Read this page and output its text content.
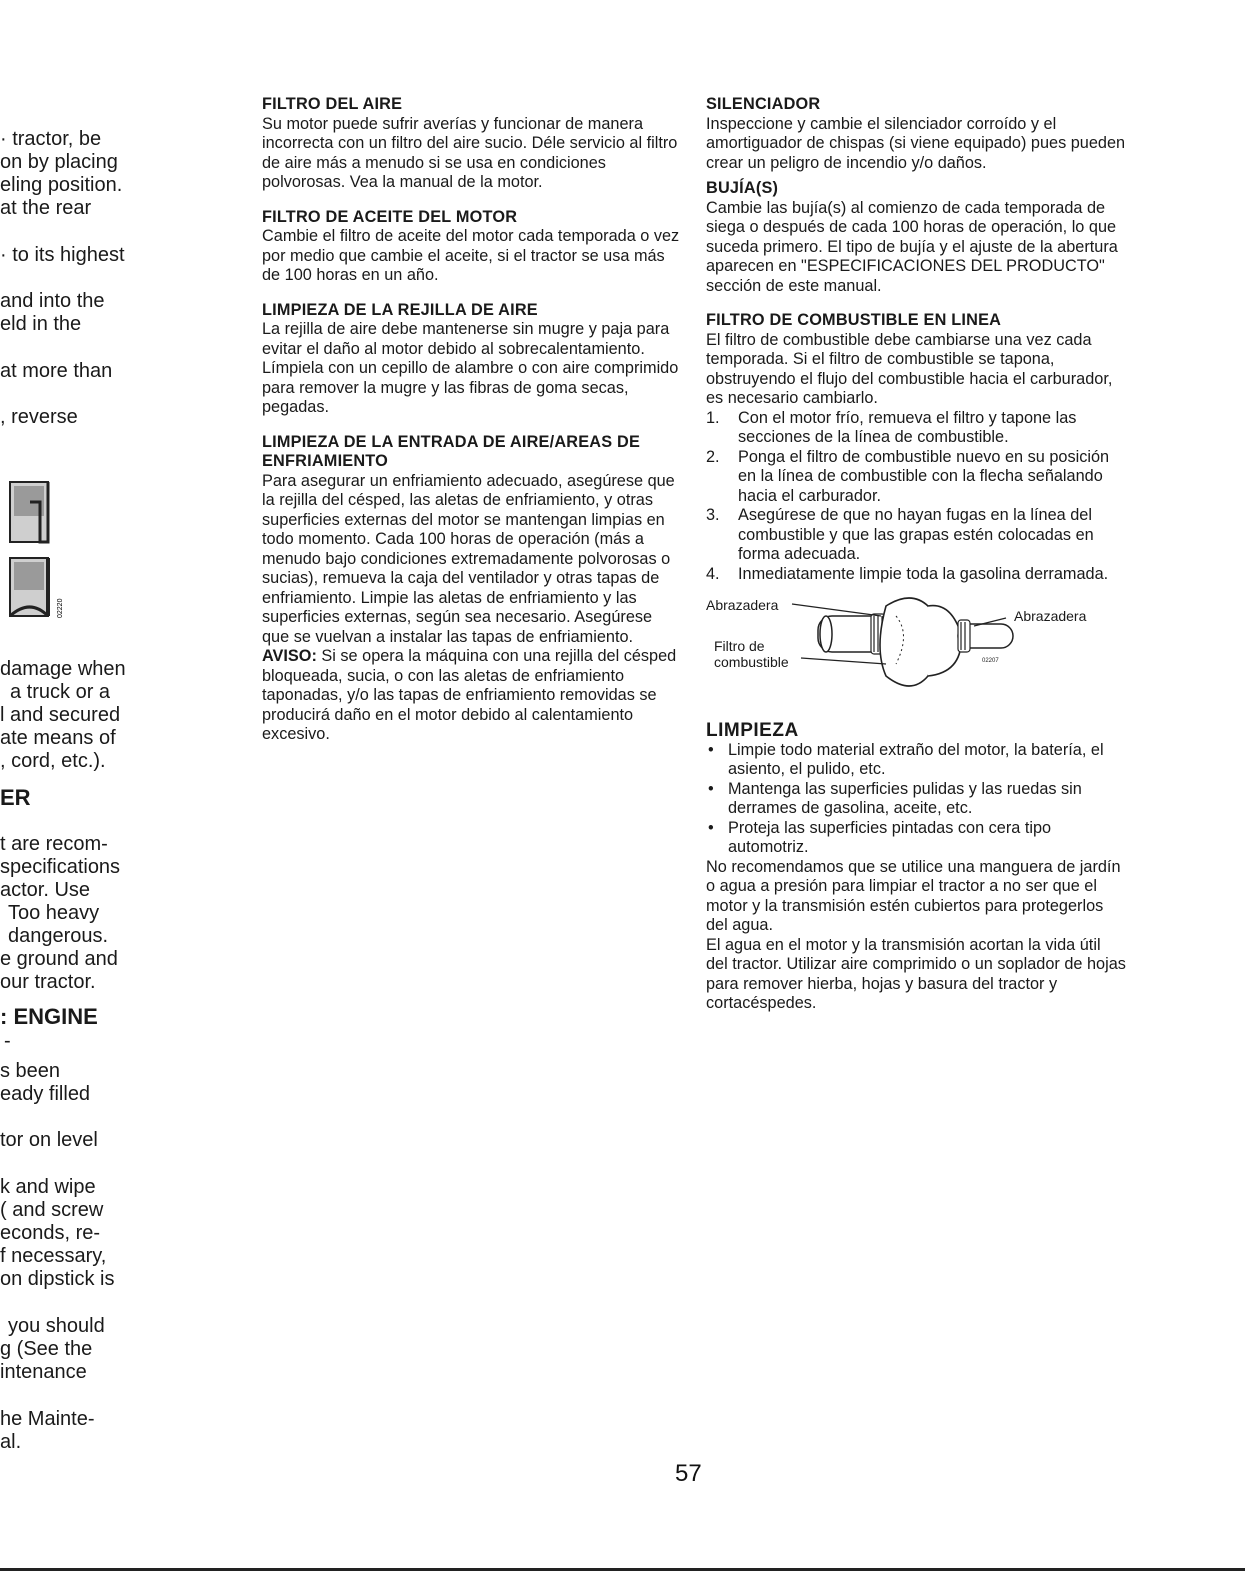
· tractor, be
on by placing
eling position.
at the rear
· to its highest
and into the
eld in the
at more than
, reverse
02220
damage when
a truck or a
l and secured
ate means of
, cord, etc.).
ER
t are recom-
specifications
actor. Use
Too heavy
dangerous.
e ground and
our tractor.
: ENGINE
-
s been
eady filled
tor on level
k and wipe
( and screw
econds, re-
f necessary,
on dipstick is
you should
g (See the
intenance
he Mainte-
al.
FILTRO DEL AIRE

Su motor puede sufrir averías y funcionar de manera incorrecta con un filtro del aire sucio. Déle servicio al filtro de aire más a menudo si se usa en condiciones polvorosas. Vea la manual de la motor.

FILTRO DE ACEITE DEL MOTOR

Cambie el filtro de aceite del motor cada temporada o vez por medio que cambie el aceite, si el tractor se usa más de 100 horas en un año.

LIMPIEZA DE LA REJILLA DE AIRE

La rejilla de aire debe mantenerse sin mugre y paja para evitar el daño al motor debido al sobrecalentamiento. Límpiela con un cepillo de alambre o con aire comprimido para remover la mugre y las fibras de goma secas, pegadas.

LIMPIEZA DE LA ENTRADA DE AIRE/AREAS DE ENFRIAMIENTO

Para asegurar un enfriamiento adecuado, asegúrese que la rejilla del césped, las aletas de enfriamiento, y otras superficies externas del motor se mantengan limpias en todo momento. Cada 100 horas de operación (más a menudo bajo condiciones extremadamente polvorosas o sucias), remueva la caja del ventilador y otras tapas de enfriamiento. Limpie las aletas de enfriamiento y las superficies externas, según sea necesario. Asegúrese que se vuelvan a instalar las tapas de enfriamiento.

AVISO: Si se opera la máquina con una rejilla del césped bloqueada, sucia, o con las aletas de enfriamiento taponadas, y/o las tapas de enfriamiento removidas se producirá daño en el motor debido al calentamiento excesivo.

SILENCIADOR

Inspeccione y cambie el silenciador corroído y el amortiguador de chispas (si viene equipado) pues pueden crear un peligro de incendio y/o daños.

BUJÍA(S)

Cambie las bujía(s) al comienzo de cada temporada de siega o después de cada 100 horas de operación, lo que suceda primero. El tipo de bujía y el ajuste de la abertura aparecen en "ESPECIFICACIONES DEL PRODUCTO" sección de este manual.

FILTRO DE COMBUSTIBLE EN LINEA

El filtro de combustible debe cambiarse una vez cada temporada. Si el filtro de combustible se tapona, obstruyendo el flujo del combustible hacia el carburador, es necesario cambiarlo.

1. Con el motor frío, remueva el filtro y tapone las secciones de la línea de combustible.
2. Ponga el filtro de combustible nuevo en su posición en la línea de combustible con la flecha señalando hacia el carburador.
3. Asegúrese de que no hayan fugas en la línea del combustible y que las grapas estén colocadas en forma adecuada.
4. Inmediatamente limpie toda la gasolina derramada.
02207
Abrazadera
Abrazadera
Filtro de
combustible
LIMPIEZA
• Limpie todo material extraño del motor, la batería, el asiento, el pulido, etc.
• Mantenga las superficies pulidas y las ruedas sin derrames de gasolina, aceite, etc.
• Proteja las superficies pintadas con cera tipo automotriz.

No recomendamos que se utilice una manguera de jardín o agua a presión para limpiar el tractor a no ser que el motor y la transmisión estén cubiertos para protegerlos del agua.

El agua en el motor y la transmisión acortan la vida útil del tractor. Utilizar aire comprimido o un soplador de hojas para remover hierba, hojas y basura del tractor y cortacéspedes.

57
